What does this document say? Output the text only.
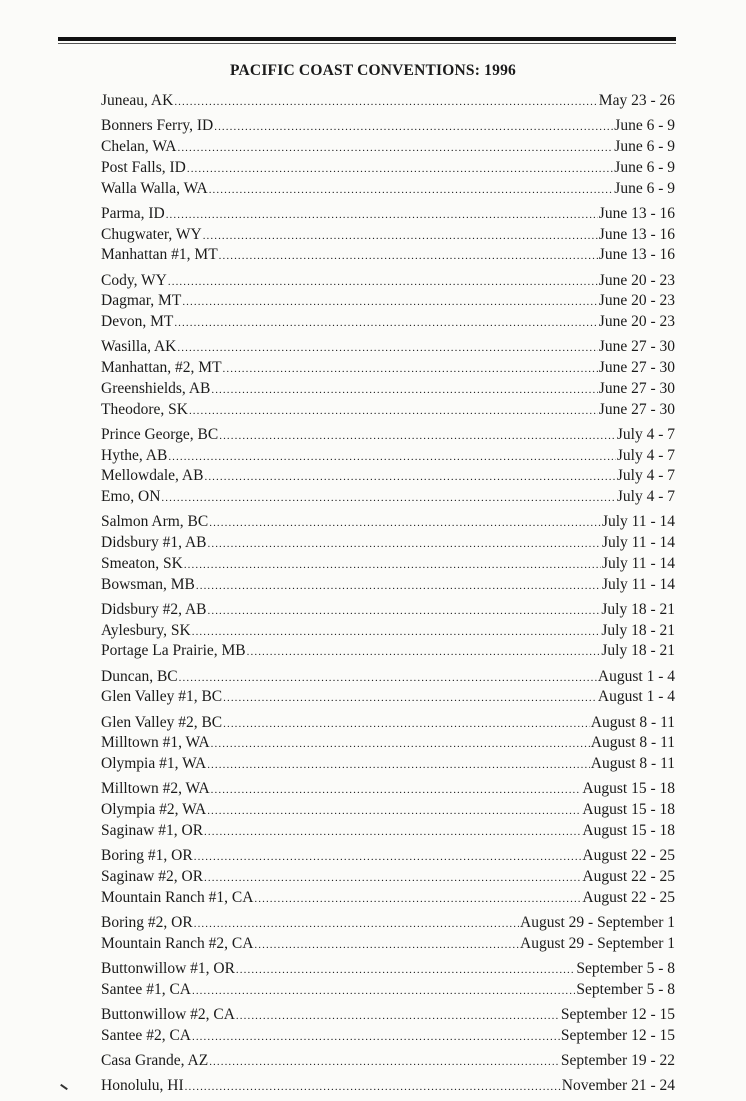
PACIFIC COAST CONVENTIONS: 1996
Juneau, AK .....	May 23 - 26
Bonners Ferry, ID .....	June 6 - 9
Chelan, WA .....	June 6 - 9
Post Falls, ID .....	June 6 - 9
Walla Walla, WA .....	June 6 - 9
Parma, ID .....	June 13 - 16
Chugwater, WY .....	June 13 - 16
Manhattan #1, MT .....	June 13 - 16
Cody, WY .....	June 20 - 23
Dagmar, MT .....	June 20 - 23
Devon, MT .....	June 20 - 23
Wasilla, AK .....	June 27 - 30
Manhattan, #2, MT .....	June 27 - 30
Greenshields, AB .....	June 27 - 30
Theodore, SK .....	June 27 - 30
Prince George, BC .....	July 4 - 7
Hythe, AB .....	July 4 - 7
Mellowdale, AB .....	July 4 - 7
Emo, ON .....	July 4 - 7
Salmon Arm, BC .....	July 11 - 14
Didsbury #1, AB .....	July 11 - 14
Smeaton, SK .....	July 11 - 14
Bowsman, MB .....	July 11 - 14
Didsbury #2, AB .....	July 18 - 21
Aylesbury, SK .....	July 18 - 21
Portage La Prairie, MB .....	July 18 - 21
Duncan, BC .....	August 1 - 4
Glen Valley #1, BC .....	August 1 - 4
Glen Valley #2, BC .....	August 8 - 11
Milltown #1, WA .....	August 8 - 11
Olympia #1, WA .....	August 8 - 11
Milltown #2, WA .....	August 15 - 18
Olympia #2, WA .....	August 15 - 18
Saginaw #1, OR .....	August 15 - 18
Boring #1, OR .....	August 22 - 25
Saginaw #2, OR .....	August 22 - 25
Mountain Ranch #1, CA .....	August 22 - 25
Boring #2, OR .....	August 29 - September 1
Mountain Ranch #2, CA .....	August 29 - September 1
Buttonwillow #1, OR .....	September 5 - 8
Santee #1, CA .....	September 5 - 8
Buttonwillow #2, CA .....	September 12 - 15
Santee #2, CA .....	September 12 - 15
Casa Grande, AZ .....	September 19 - 22
Honolulu, HI .....	November 21 - 24
